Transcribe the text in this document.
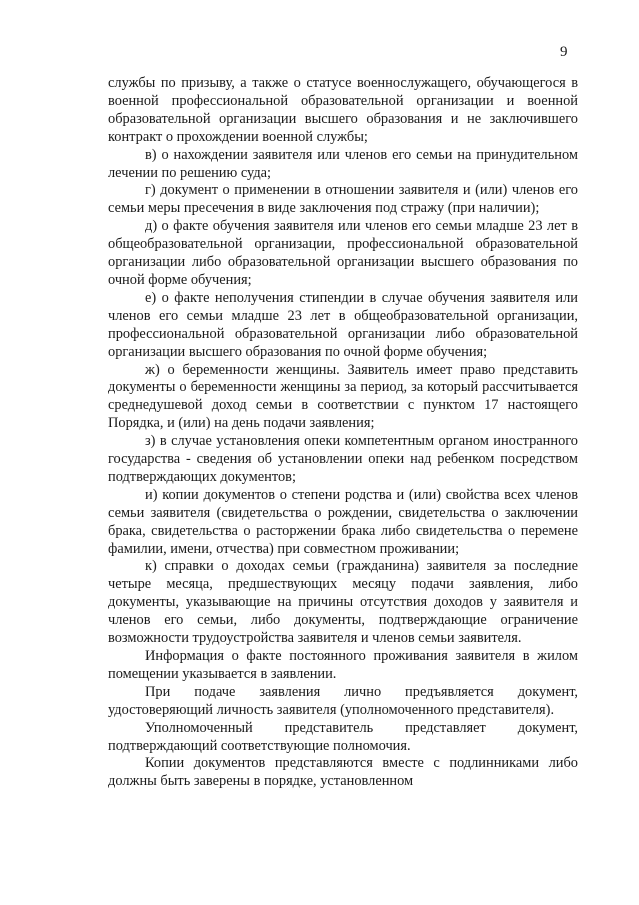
9

службы по призыву, а также о статусе военнослужащего, обучающегося в военной профессиональной образовательной организации и военной образовательной организации высшего образования и не заключившего контракт о прохождении военной службы;

в) о нахождении заявителя или членов его семьи на принудительном лечении по решению суда;

г) документ о применении в отношении заявителя и (или) членов его семьи меры пресечения в виде заключения под стражу (при наличии);

д) о факте обучения заявителя или членов его семьи младше 23 лет в общеобразовательной организации, профессиональной образовательной организации либо образовательной организации высшего образования по очной форме обучения;

е) о факте неполучения стипендии в случае обучения заявителя или членов его семьи младше 23 лет в общеобразовательной организации, профессиональной образовательной организации либо образовательной организации высшего образования по очной форме обучения;

ж) о беременности женщины. Заявитель имеет право представить документы о беременности женщины за период, за который рассчитывается среднедушевой доход семьи в соответствии с пунктом 17 настоящего Порядка, и (или) на день подачи заявления;

з) в случае установления опеки компетентным органом иностранного государства - сведения об установлении опеки над ребенком посредством подтверждающих документов;

и) копии документов о степени родства и (или) свойства всех членов семьи заявителя (свидетельства о рождении, свидетельства о заключении брака, свидетельства о расторжении брака либо свидетельства о перемене фамилии, имени, отчества) при совместном проживании;

к) справки о доходах семьи (гражданина) заявителя за последние четыре месяца, предшествующих месяцу подачи заявления, либо документы, указывающие на причины отсутствия доходов у заявителя и членов его семьи, либо документы, подтверждающие ограничение возможности трудоустройства заявителя и членов семьи заявителя.

Информация о факте постоянного проживания заявителя в жилом помещении указывается в заявлении.

При подаче заявления лично предъявляется документ, удостоверяющий личность заявителя (уполномоченного представителя).

Уполномоченный представитель представляет документ, подтверждающий соответствующие полномочия.

Копии документов представляются вместе с подлинниками либо должны быть заверены в порядке, установленном
